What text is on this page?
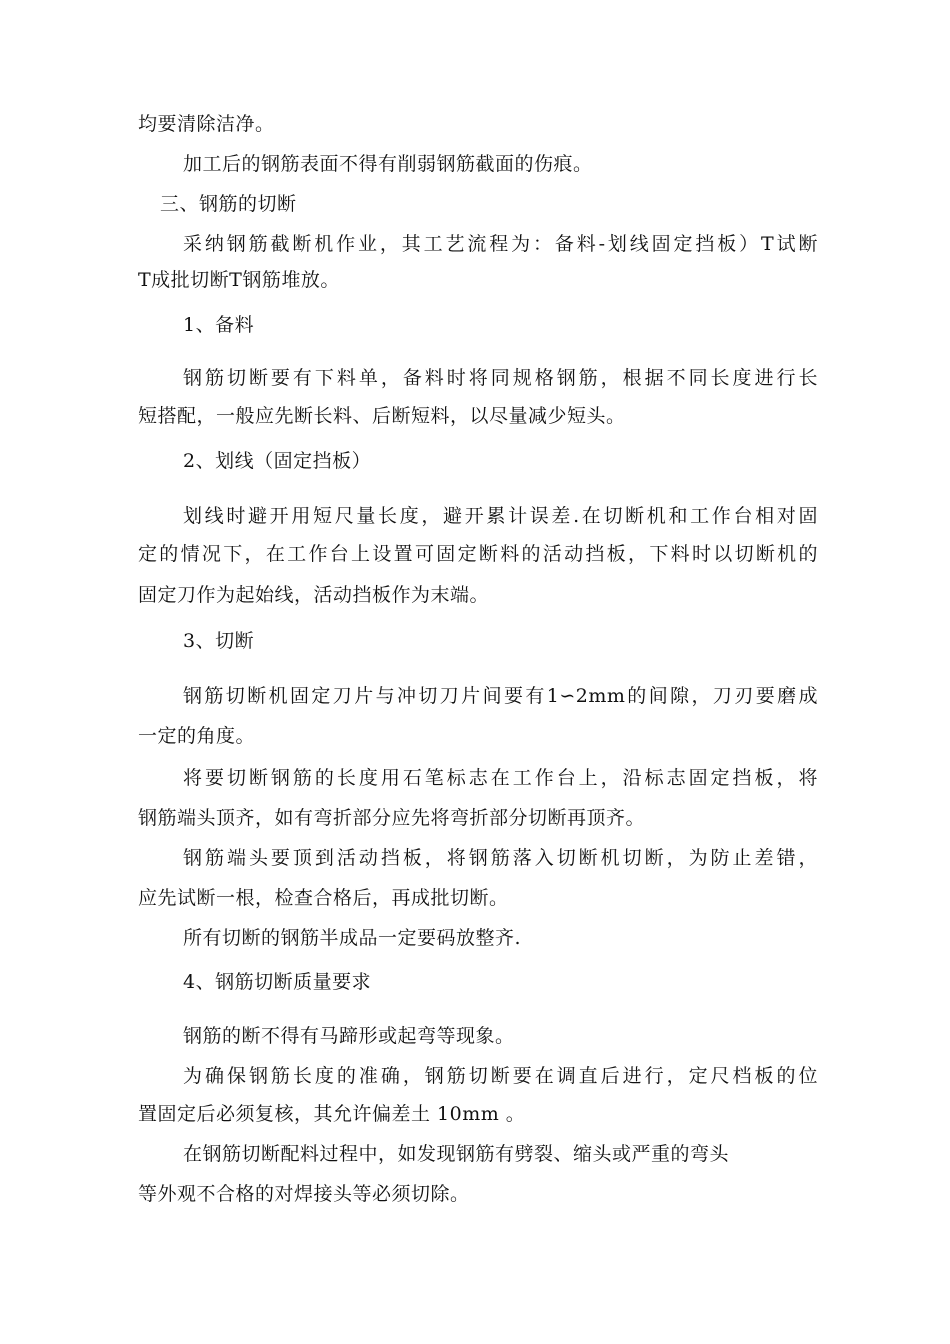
均要清除洁净。
加工后的钢筋表面不得有削弱钢筋截面的伤痕。
三、钢筋的切断
采纳钢筋截断机作业，其工艺流程为：备料-划线固定挡板）T试断
T成批切断T钢筋堆放。
1、备料
钢筋切断要有下料单，备料时将同规格钢筋，根据不同长度进行长
短搭配，一般应先断长料、后断短料，以尽量减少短头。
2、划线（固定挡板）
划线时避开用短尺量长度，避开累计误差.在切断机和工作台相对固
定的情况下，在工作台上设置可固定断料的活动挡板，下料时以切断机的
固定刀作为起始线，活动挡板作为末端。
3、切断
钢筋切断机固定刀片与冲切刀片间要有1∽2mm的间隙，刀刃要磨成
一定的角度。
将要切断钢筋的长度用石笔标志在工作台上，沿标志固定挡板，将
钢筋端头顶齐，如有弯折部分应先将弯折部分切断再顶齐。
钢筋端头要顶到活动挡板，将钢筋落入切断机切断，为防止差错，
应先试断一根，检查合格后，再成批切断。
所有切断的钢筋半成品一定要码放整齐.
4、钢筋切断质量要求
钢筋的断不得有马蹄形或起弯等现象。
为确保钢筋长度的准确，钢筋切断要在调直后进行，定尺档板的位
置固定后必须复核，其允许偏差土 10mm 。
在钢筋切断配料过程中，如发现钢筋有劈裂、缩头或严重的弯头
等外观不合格的对焊接头等必须切除。
